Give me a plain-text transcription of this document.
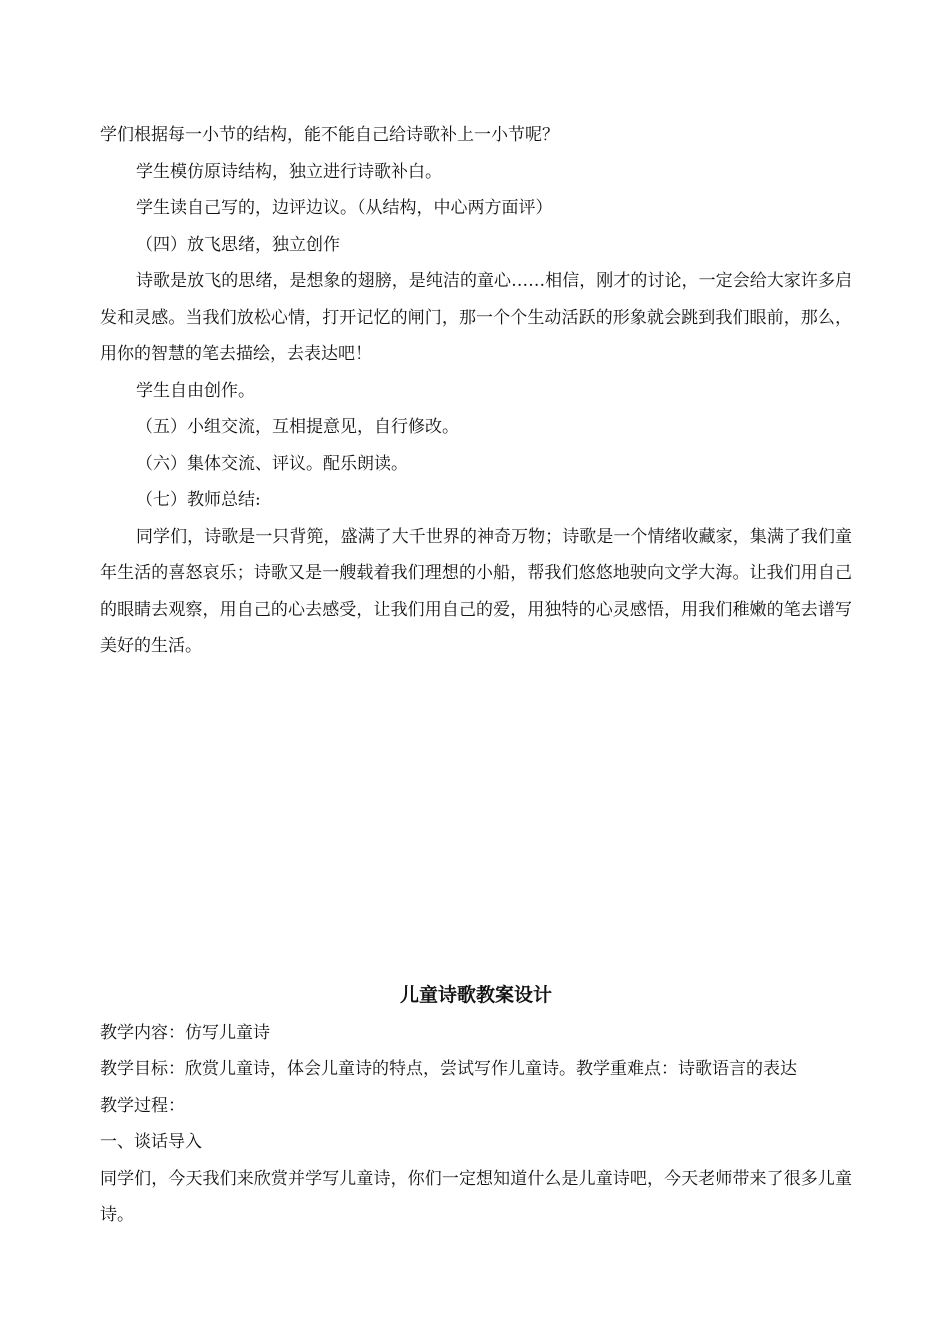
学们根据每一小节的结构，能不能自己给诗歌补上一小节呢？

学生模仿原诗结构，独立进行诗歌补白。

学生读自己写的，边评边议。（从结构，中心两方面评）

（四）放飞思绪，独立创作

诗歌是放飞的思绪，是想象的翅膀，是纯洁的童心……相信，刚才的讨论，一定会给大家许多启发和灵感。当我们放松心情，打开记忆的闸门，那一个个生动活跃的形象就会跳到我们眼前，那么，用你的智慧的笔去描绘，去表达吧！

学生自由创作。

（五）小组交流，互相提意见，自行修改。

（六）集体交流、评议。配乐朗读。

（七）教师总结:

同学们，诗歌是一只背篼，盛满了大千世界的神奇万物；诗歌是一个情绪收藏家，集满了我们童年生活的喜怒哀乐；诗歌又是一艘载着我们理想的小船，帮我们悠悠地驶向文学大海。让我们用自己的眼睛去观察，用自己的心去感受，让我们用自己的爱，用独特的心灵感悟，用我们稚嫩的笔去谱写美好的生活。

儿童诗歌教案设计

教学内容：仿写儿童诗

教学目标：欣赏儿童诗，体会儿童诗的特点，尝试写作儿童诗。教学重难点：诗歌语言的表达

教学过程：

一、谈话导入

同学们，今天我们来欣赏并学写儿童诗，你们一定想知道什么是儿童诗吧，今天老师带来了很多儿童诗。
